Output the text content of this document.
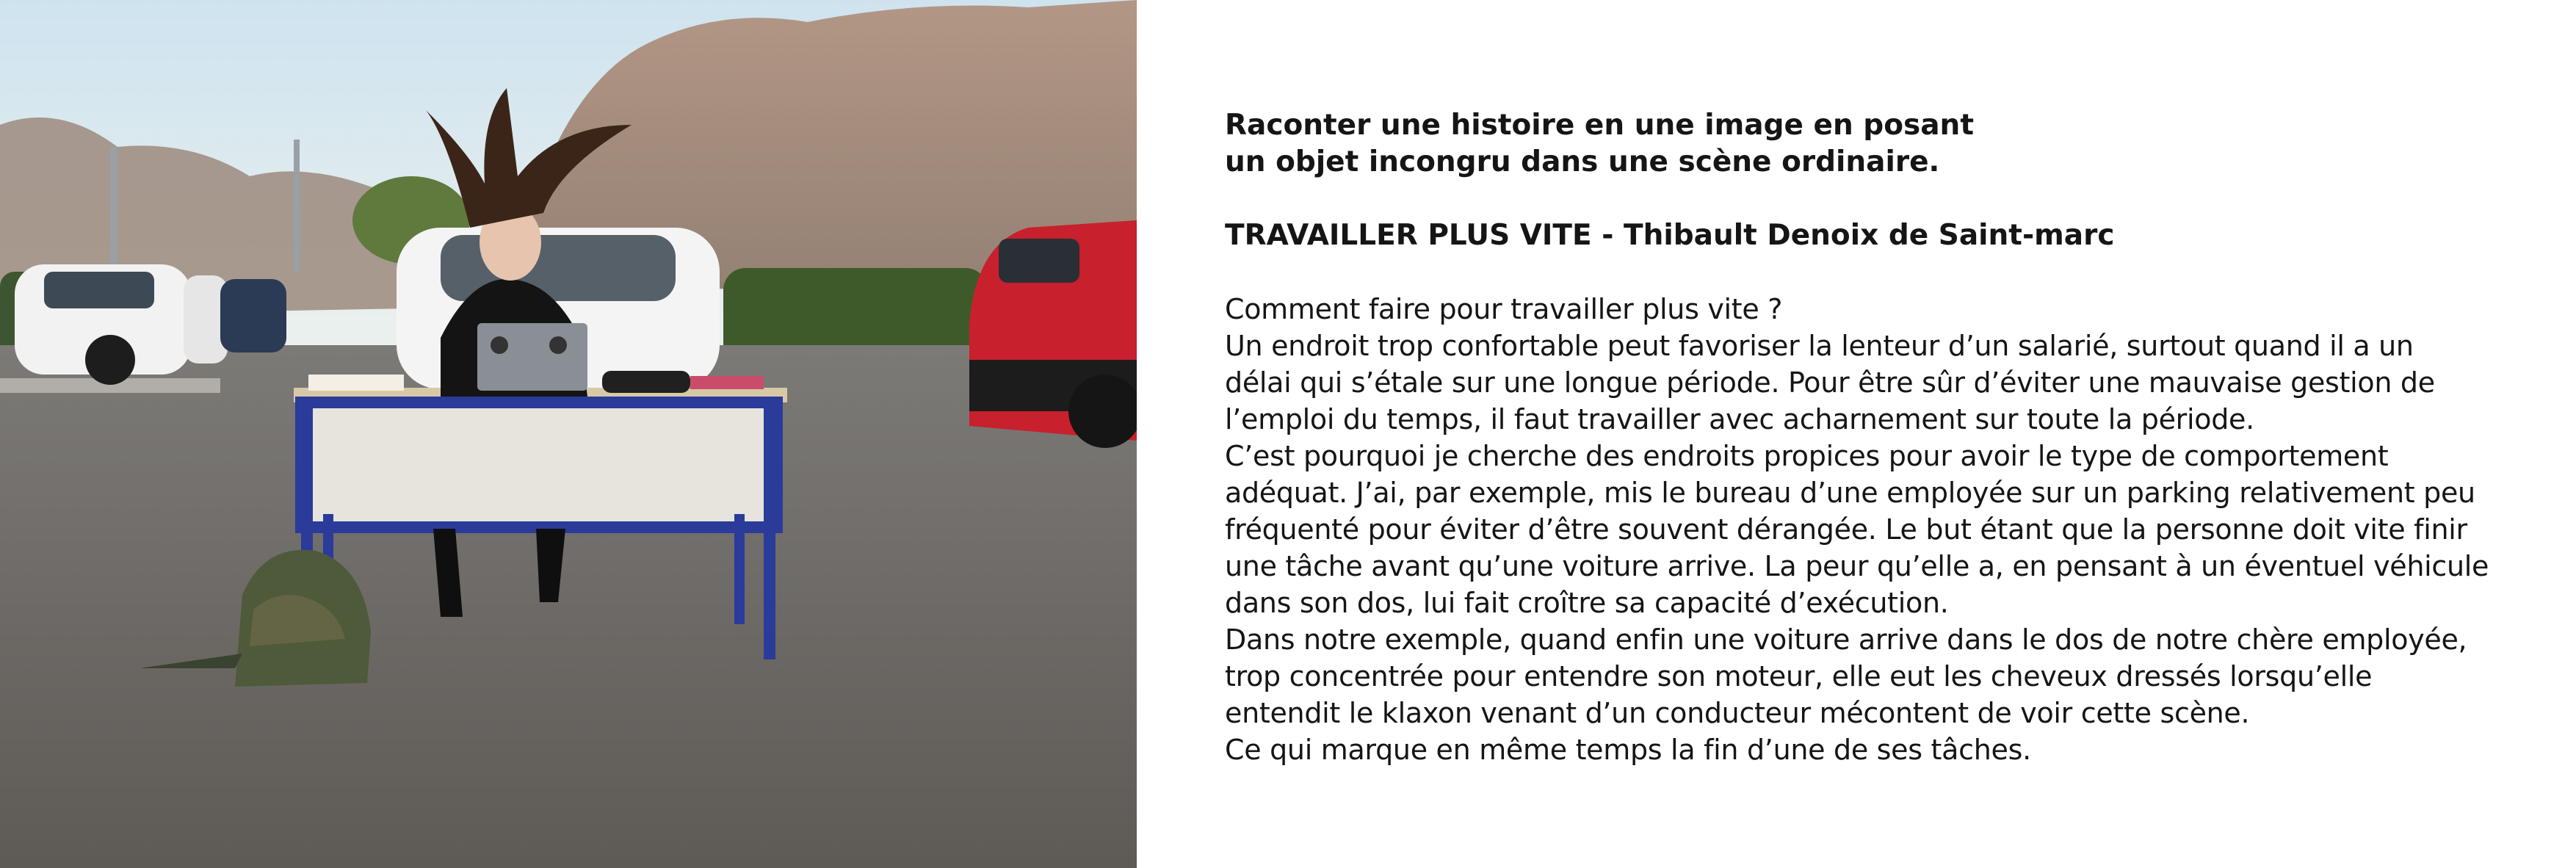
Raconter une histoire en une image en posant

un objet incongru dans une scène ordinaire.

TRAVAILLER PLUS VITE - Thibault Denoix de Saint-marc

Comment faire pour travailler plus vite ?

Un endroit trop confortable peut favoriser la lenteur d’un salarié, surtout quand il a un

délai qui s’étale sur une longue période. Pour être sûr d’éviter une mauvaise gestion de

l’emploi du temps, il faut travailler avec acharnement sur toute la période.

C’est pourquoi je cherche des endroits propices pour avoir le type de comportement

adéquat. J’ai, par exemple, mis le bureau d’une employée sur un parking relativement peu

fréquenté pour éviter d’être souvent dérangée. Le but étant que la personne doit vite finir

une tâche avant qu’une voiture arrive. La peur qu’elle a, en pensant à un éventuel véhicule

dans son dos, lui fait croître sa capacité d’exécution.

Dans notre exemple, quand enfin une voiture arrive dans le dos de notre chère employée,

trop concentrée pour entendre son moteur, elle eut les cheveux dressés lorsqu’elle

entendit le klaxon venant d’un conducteur mécontent de voir cette scène.

Ce qui marque en même temps la fin d’une de ses tâches.
